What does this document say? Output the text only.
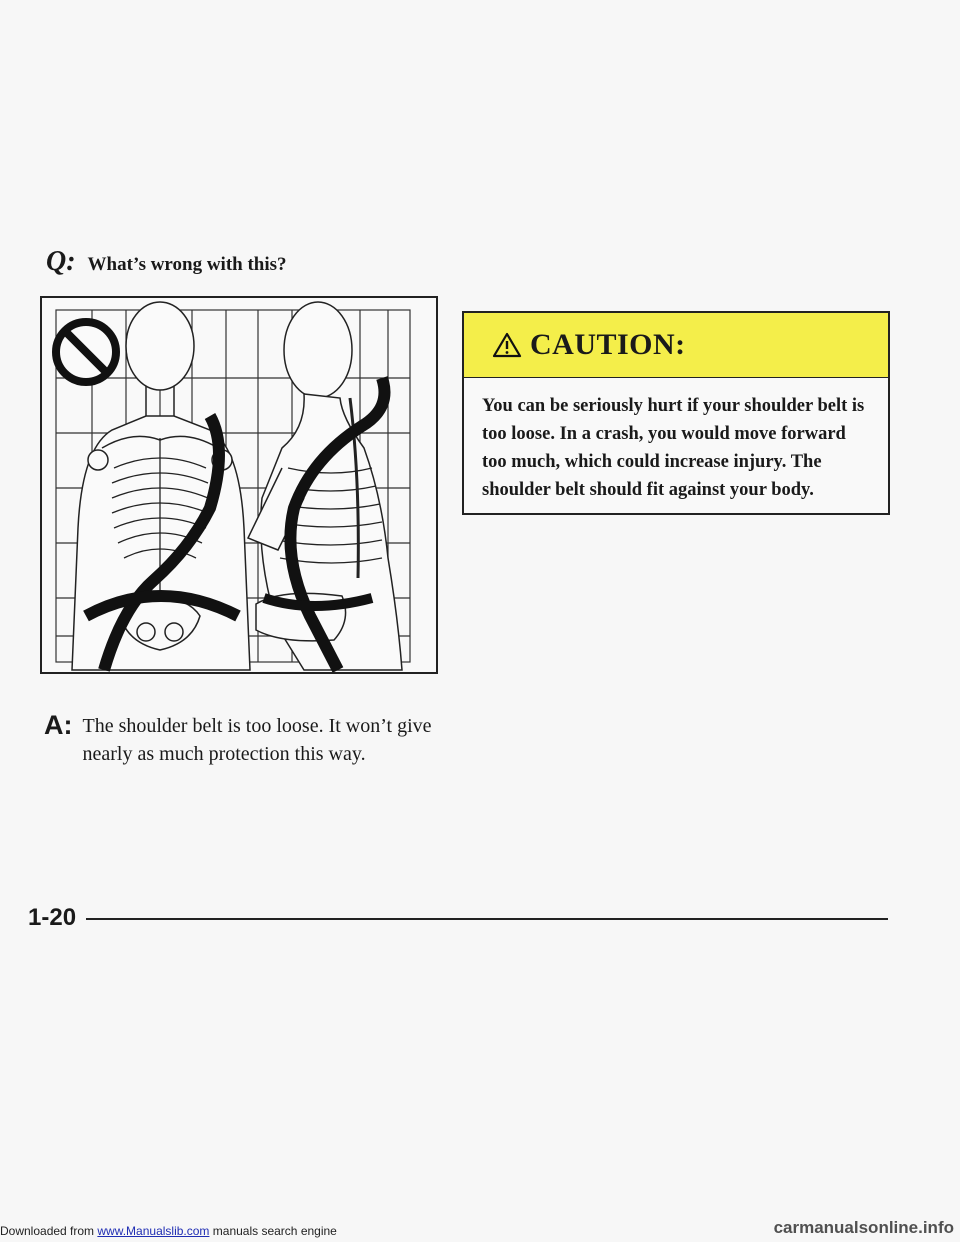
Q: What’s wrong with this?
A: The shoulder belt is too loose. It won’t give nearly as much protection this way.
CAUTION:
You can be seriously hurt if your shoulder belt is too loose. In a crash, you would move forward too much, which could increase injury. The shoulder belt should fit against your body.
1-20
Downloaded from www.Manualslib.com manuals search engine	carmanualsonline.info
